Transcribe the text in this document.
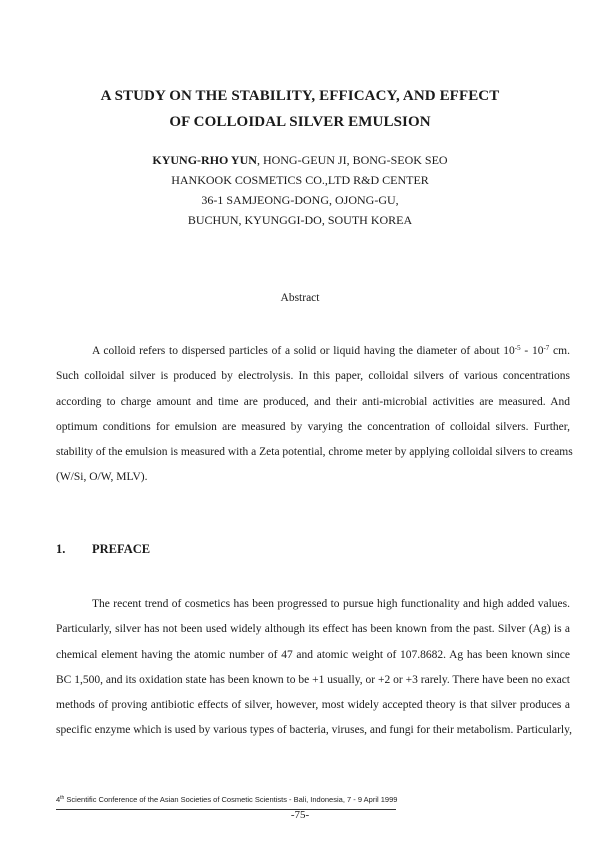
A STUDY ON THE STABILITY, EFFICACY, AND EFFECT
OF COLLOIDAL SILVER EMULSION
KYUNG-RHO YUN, HONG-GEUN JI, BONG-SEOK SEO
HANKOOK COSMETICS CO.,LTD R&D CENTER
36-1 SAMJEONG-DONG, OJONG-GU,
BUCHUN, KYUNGGI-DO, SOUTH KOREA
Abstract
A colloid refers to dispersed particles of a solid or liquid having the diameter of about $10^{-5} - 10^{-7}$ cm.
Such colloidal silver is produced by electrolysis. In this paper, colloidal silvers of various concentrations
according to charge amount and time are produced, and their anti-microbial activities are measured. And
optimum conditions for emulsion are measured by varying the concentration of colloidal silvers. Further,
stability of the emulsion is measured with a Zeta potential, chrome meter by applying colloidal silvers to creams
(W/Si, O/W, MLV).
1. PREFACE
The recent trend of cosmetics has been progressed to pursue high functionality and high added values.
Particularly, silver has not been used widely although its effect has been known from the past. Silver (Ag) is a
chemical element having the atomic number of 47 and atomic weight of 107.8682. Ag has been known since
BC 1,500, and its oxidation state has been known to be +1 usually, or +2 or +3 rarely. There have been no exact
methods of proving antibiotic effects of silver, however, most widely accepted theory is that silver produces a
specific enzyme which is used by various types of bacteria, viruses, and fungi for their metabolism. Particularly,
4th Scientific Conference of the Asian Societies of Cosmetic Scientists - Bali, Indonesia, 7 - 9 April 1999
-75-
